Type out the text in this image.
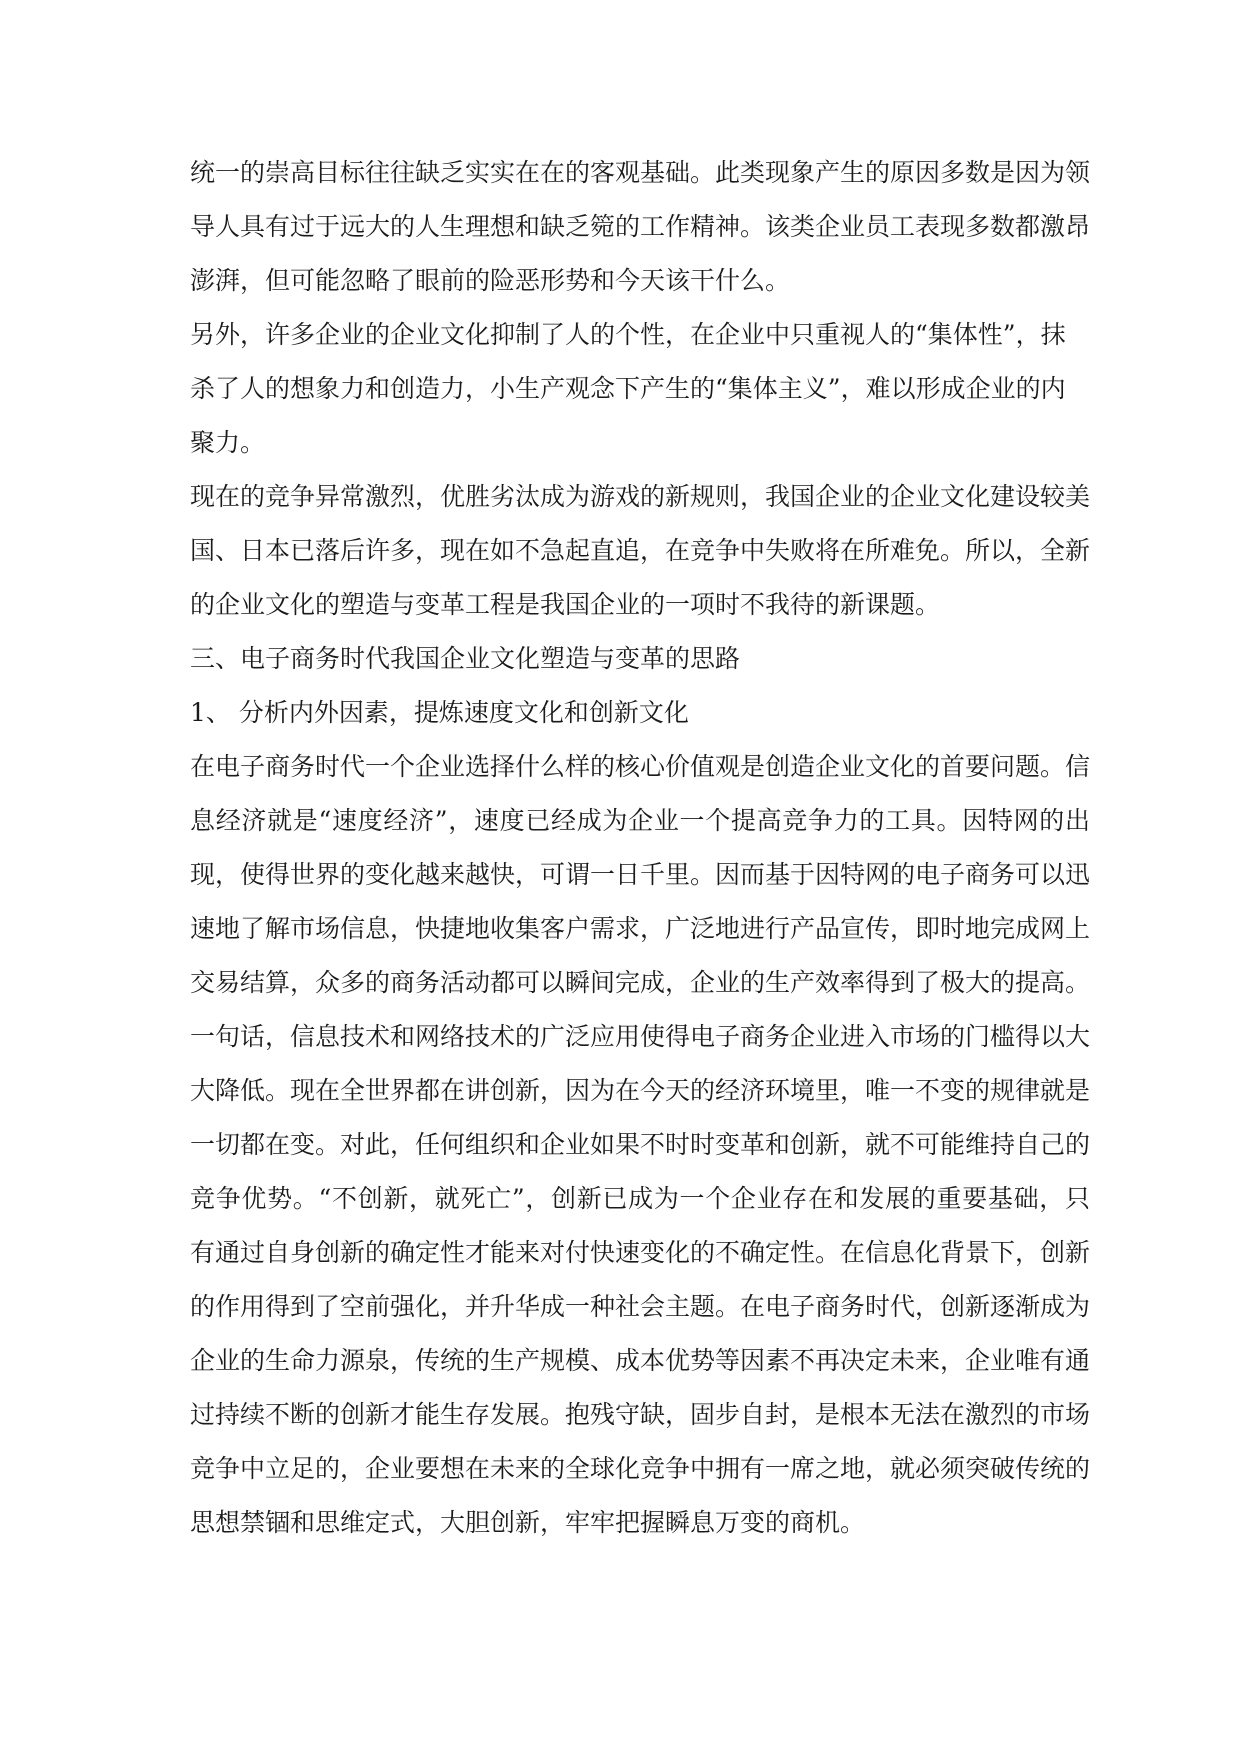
统一的崇高目标往往缺乏实实在在的客观基础。此类现象产生的原因多数是因为领
导人具有过于远大的人生理想和缺乏箢的工作精神。该类企业员工表现多数都激昂
澎湃，但可能忽略了眼前的险恶形势和今天该干什么。
另外，许多企业的企业文化抑制了人的个性，在企业中只重视人的“集体性”，抹
杀了人的想象力和创造力，小生产观念下产生的“集体主义”，难以形成企业的内
聚力。
现在的竞争异常激烈，优胜劣汰成为游戏的新规则，我国企业的企业文化建设较美
国、日本已落后许多，现在如不急起直追，在竞争中失败将在所难免。所以，全新
的企业文化的塑造与变革工程是我国企业的一项时不我待的新课题。
三、电子商务时代我国企业文化塑造与变革的思路
1、 分析内外因素，提炼速度文化和创新文化
在电子商务时代一个企业选择什么样的核心价值观是创造企业文化的首要问题。信
息经济就是“速度经济”，速度已经成为企业一个提高竞争力的工具。因特网的出
现，使得世界的变化越来越快，可谓一日千里。因而基于因特网的电子商务可以迅
速地了解市场信息，快捷地收集客户需求，广泛地进行产品宣传，即时地完成网上
交易结算，众多的商务活动都可以瞬间完成，企业的生产效率得到了极大的提高。
一句话，信息技术和网络技术的广泛应用使得电子商务企业进入市场的门槛得以大
大降低。现在全世界都在讲创新，因为在今天的经济环境里，唯一不变的规律就是
一切都在变。对此，任何组织和企业如果不时时变革和创新，就不可能维持自己的
竞争优势。“不创新，就死亡”，创新已成为一个企业存在和发展的重要基础，只
有通过自身创新的确定性才能来对付快速变化的不确定性。在信息化背景下，创新
的作用得到了空前强化，并升华成一种社会主题。在电子商务时代，创新逐渐成为
企业的生命力源泉，传统的生产规模、成本优势等因素不再决定未来，企业唯有通
过持续不断的创新才能生存发展。抱残守缺，固步自封，是根本无法在激烈的市场
竞争中立足的，企业要想在未来的全球化竞争中拥有一席之地，就必须突破传统的
思想禁锢和思维定式，大胆创新，牢牢把握瞬息万变的商机。
